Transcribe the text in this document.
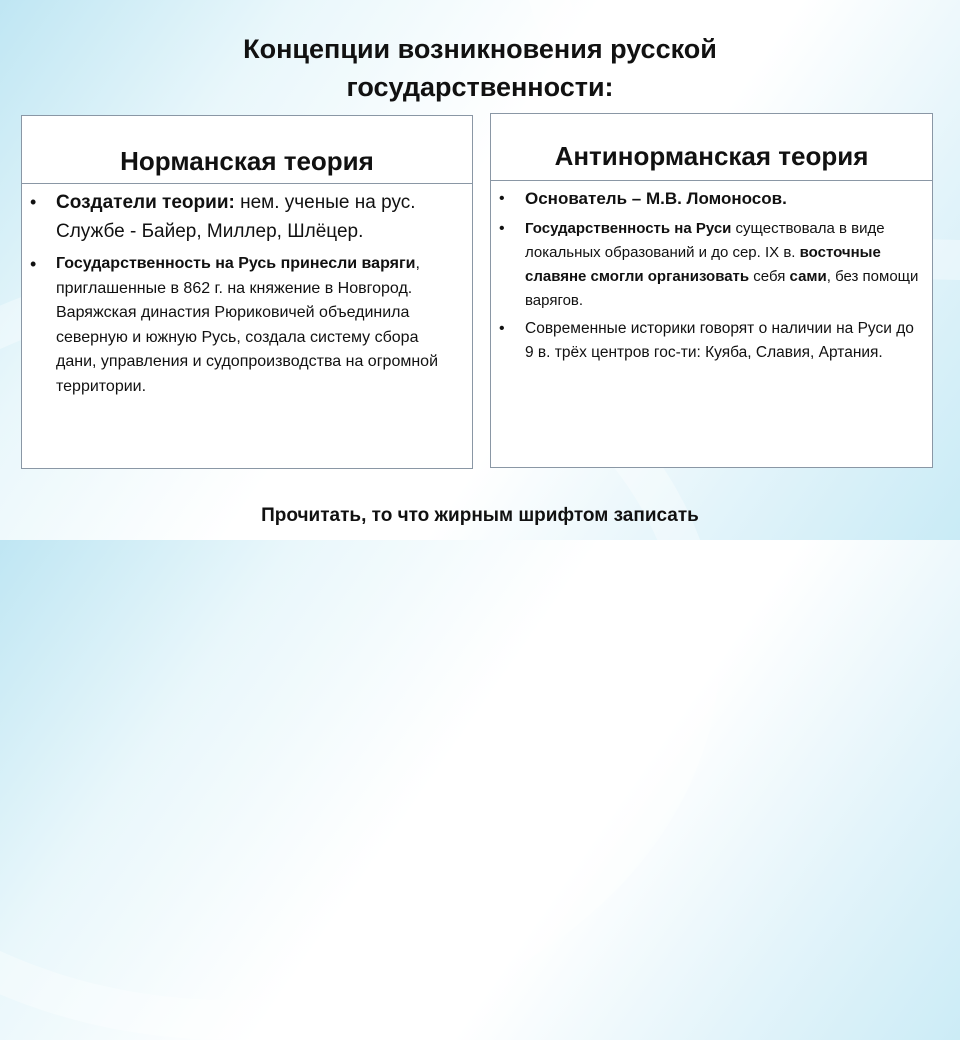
Концепции возникновения русской
государственности:
Норманская теория

• Создатели теории: нем. ученые на рус. Службе - Байер, Миллер, Шлёцер.

• Государственность на Русь принесли варяги, приглашенные в 862 г. на княжение в Новгород. Варяжская династия Рюриковичей объединила северную и южную Русь, создала систему сбора дани, управления и судопроизводства на огромной территории.

Антинорманская теория

• Основатель – М.В. Ломоносов.

• Государственность на Руси существовала в виде локальных образований и до сер. IX в. восточные славяне смогли организовать себя сами, без помощи варягов.

• Современные историки говорят о наличии на Руси до 9 в. трёх центров гос-ти: Куяба, Славия, Артания.

Прочитать, то что жирным шрифтом записать
